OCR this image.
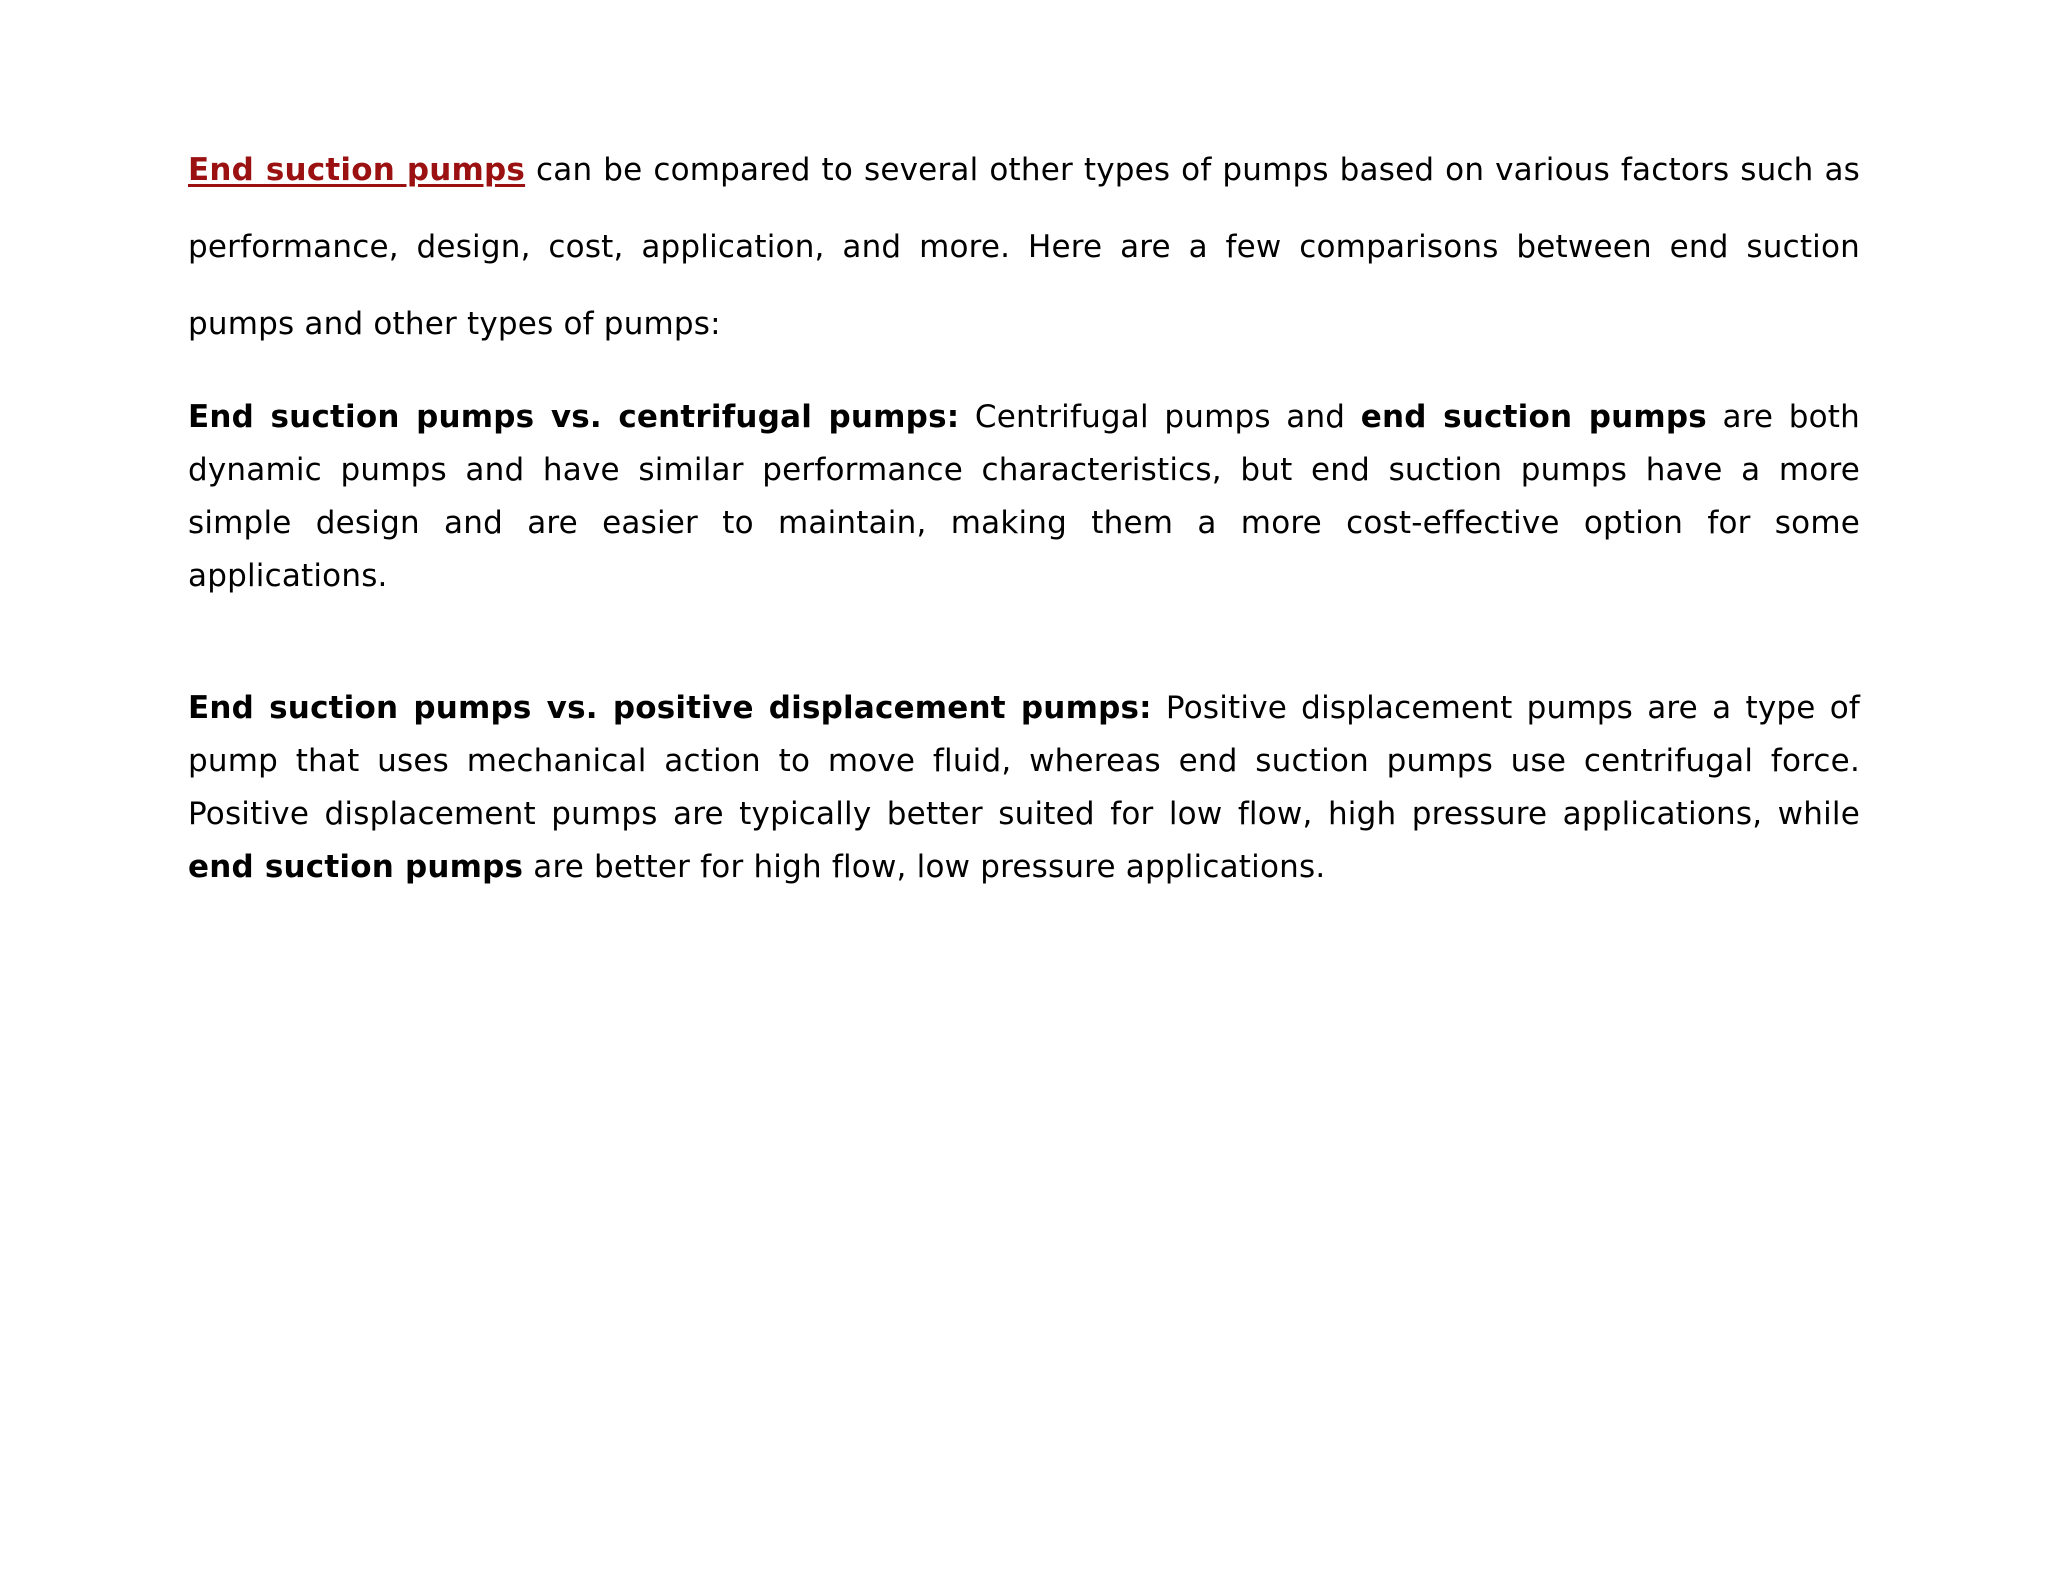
End suction pumps can be compared to several other types of pumps based on various factors such as performance, design, cost, application, and more. Here are a few comparisons between end suction pumps and other types of pumps:

End suction pumps vs. centrifugal pumps: Centrifugal pumps and end suction pumps are both dynamic pumps and have similar performance characteristics, but end suction pumps have a more simple design and are easier to maintain, making them a more cost-effective option for some applications.

End suction pumps vs. positive displacement pumps: Positive displacement pumps are a type of pump that uses mechanical action to move fluid, whereas end suction pumps use centrifugal force. Positive displacement pumps are typically better suited for low flow, high pressure applications, while end suction pumps are better for high flow, low pressure applications.
